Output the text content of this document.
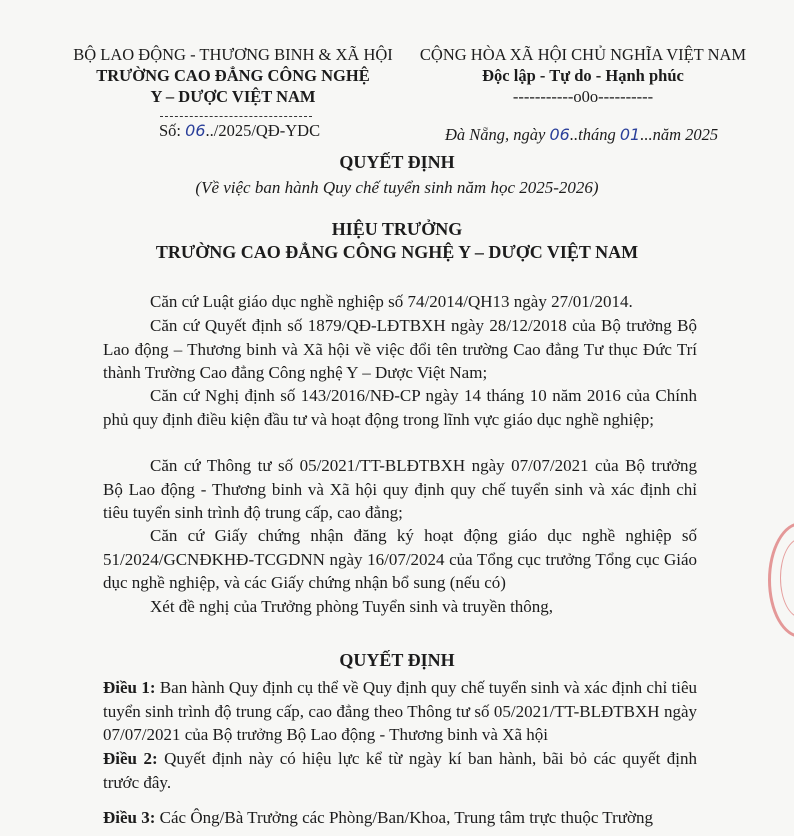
BỘ LAO ĐỘNG - THƯƠNG BINH & XÃ HỘI
TRƯỜNG CAO ĐẲNG CÔNG NGHỆ
Y – DƯỢC VIỆT NAM
Số: 06../2025/QĐ-YDC
CỘNG HÒA XÃ HỘI CHỦ NGHĨA VIỆT NAM
Độc lập - Tự do - Hạnh phúc
-----------o0o----------
Đà Nẵng, ngày 06..tháng 01...năm 2025
QUYẾT ĐỊNH
(Về việc ban hành Quy chế tuyển sinh năm học 2025-2026)
HIỆU TRƯỞNG
TRƯỜNG CAO ĐẲNG CÔNG NGHỆ Y – DƯỢC VIỆT NAM
Căn cứ Luật giáo dục nghề nghiệp số 74/2014/QH13 ngày 27/01/2014.
Căn cứ Quyết định số 1879/QĐ-LĐTBXH ngày 28/12/2018 của Bộ trưởng Bộ Lao động – Thương binh và Xã hội về việc đổi tên trường Cao đẳng Tư thục Đức Trí thành Trường Cao đẳng Công nghệ Y – Dược Việt Nam;
Căn cứ Nghị định số 143/2016/NĐ-CP ngày 14 tháng 10 năm 2016 của Chính phủ quy định điều kiện đầu tư và hoạt động trong lĩnh vực giáo dục nghề nghiệp;
Căn cứ Thông tư số 05/2021/TT-BLĐTBXH ngày 07/07/2021 của Bộ trưởng Bộ Lao động - Thương binh và Xã hội quy định quy chế tuyển sinh và xác định chỉ tiêu tuyển sinh trình độ trung cấp, cao đẳng;
Căn cứ Giấy chứng nhận đăng ký hoạt động giáo dục nghề nghiệp số 51/2024/GCNĐKHĐ-TCGDNN ngày 16/07/2024 của Tổng cục trưởng Tổng cục Giáo dục nghề nghiệp, và các Giấy chứng nhận bổ sung (nếu có)
Xét đề nghị của Trưởng phòng Tuyển sinh và truyền thông,
QUYẾT ĐỊNH
Điều 1: Ban hành Quy định cụ thể về Quy định quy chế tuyển sinh và xác định chỉ tiêu tuyển sinh trình độ trung cấp, cao đẳng theo Thông tư số 05/2021/TT-BLĐTBXH ngày 07/07/2021 của Bộ trưởng Bộ Lao động - Thương binh và Xã hội
Điều 2: Quyết định này có hiệu lực kể từ ngày kí ban hành, bãi bỏ các quyết định trước đây.
Điều 3: Các Ông/Bà Trưởng các Phòng/Ban/Khoa, Trung tâm trực thuộc Trường
